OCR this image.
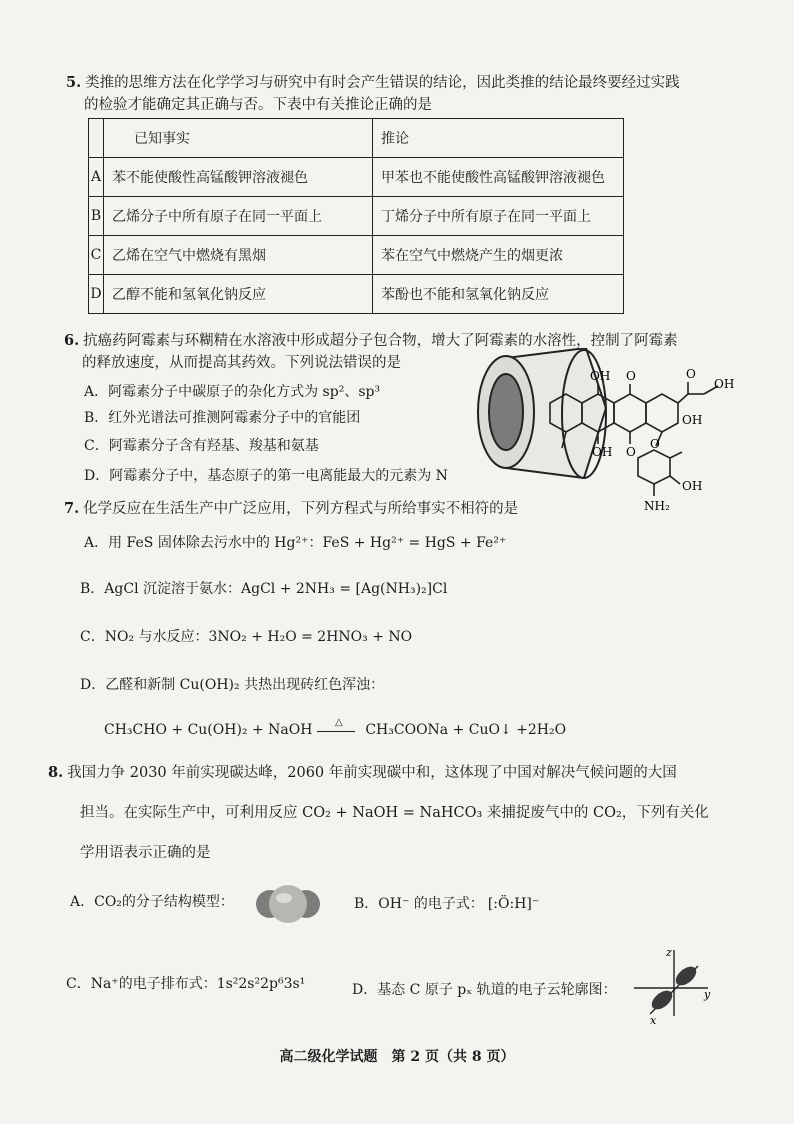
5. 类推的思维方法在化学学习与研究中有时会产生错误的结论，因此类推的结论最终要经过实践
的检验才能确定其正确与否。下表中有关推论正确的是
	已知事实	推论
A	苯不能使酸性高锰酸钾溶液褪色	甲苯也不能使酸性高锰酸钾溶液褪色
B	乙烯分子中所有原子在同一平面上	丁烯分子中所有原子在同一平面上
C	乙烯在空气中燃烧有黑烟	苯在空气中燃烧产生的烟更浓
D	乙醇不能和氢氧化钠反应	苯酚也不能和氢氧化钠反应
6. 抗癌药阿霉素与环糊精在水溶液中形成超分子包合物，增大了阿霉素的水溶性，控制了阿霉素
的释放速度，从而提高其药效。下列说法错误的是
A．阿霉素分子中碳原子的杂化方式为 sp²、sp³
B．红外光谱法可推测阿霉素分子中的官能团
C．阿霉素分子含有羟基、羧基和氨基
D．阿霉素分子中，基态原子的第一电离能最大的元素为 N
OH O	O
OH
OH
OH O
OH
NH₂
O
7. 化学反应在生活生产中广泛应用，下列方程式与所给事实不相符的是
A．用 FeS 固体除去污水中的 Hg²⁺：FeS + Hg²⁺ = HgS + Fe²⁺
B．AgCl 沉淀溶于氨水：AgCl + 2NH₃ = [Ag(NH₃)₂]Cl
C．NO₂ 与水反应：3NO₂ + H₂O = 2HNO₃ + NO
D．乙醛和新制 Cu(OH)₂ 共热出现砖红色浑浊：
CH₃CHO + Cu(OH)₂ + NaOH	△	CH₃COONa + CuO↓ +2H₂O
8. 我国力争 2030 年前实现碳达峰，2060 年前实现碳中和，这体现了中国对解决气候问题的大国
担当。在实际生产中，可利用反应 CO₂ + NaOH = NaHCO₃ 来捕捉废气中的 CO₂，下列有关化
学用语表示正确的是
A．CO₂的分子结构模型：	B．OH⁻ 的电子式： [:Ö:H]⁻
C．Na⁺的电子排布式：1s²2s²2p⁶3s¹	D．基态 C 原子 pₓ 轨道的电子云轮廓图：
z
y
x
高二级化学试题　第 2 页（共 8 页）
